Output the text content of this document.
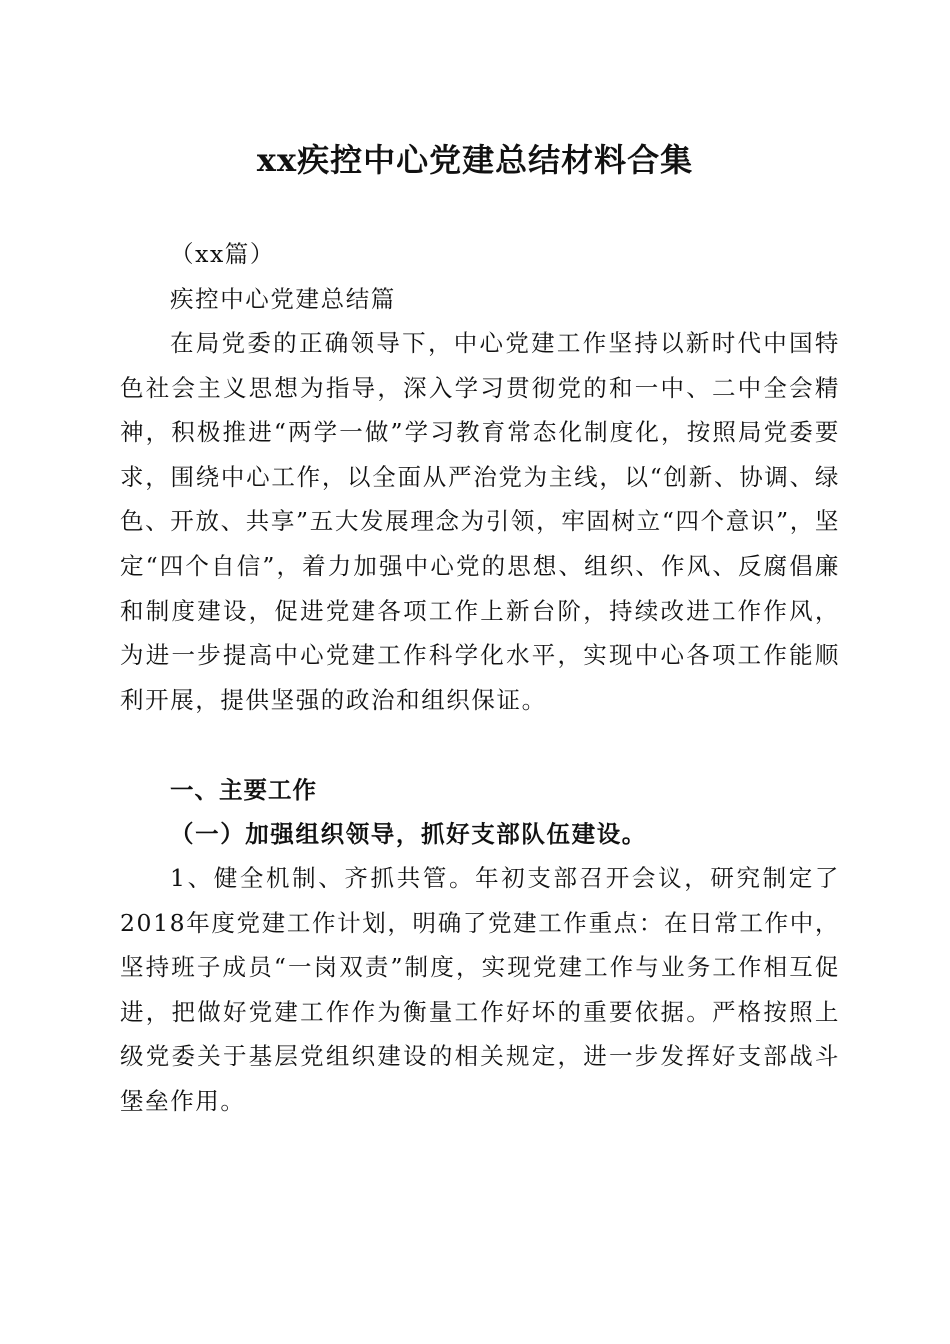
xx疾控中心党建总结材料合集

（xx篇）

疾控中心党建总结篇

在局党委的正确领导下，中心党建工作坚持以新时代中国特色社会主义思想为指导，深入学习贯彻党的和一中、二中全会精神，积极推进“两学一做”学习教育常态化制度化，按照局党委要求，围绕中心工作，以全面从严治党为主线，以“创新、协调、绿色、开放、共享”五大发展理念为引领，牢固树立“四个意识”，坚定“四个自信”，着力加强中心党的思想、组织、作风、反腐倡廉和制度建设，促进党建各项工作上新台阶，持续改进工作作风，为进一步提高中心党建工作科学化水平，实现中心各项工作能顺利开展，提供坚强的政治和组织保证。

一、主要工作

（一）加强组织领导，抓好支部队伍建设。

1、健全机制、齐抓共管。年初支部召开会议，研究制定了2018年度党建工作计划，明确了党建工作重点：在日常工作中，坚持班子成员“一岗双责”制度，实现党建工作与业务工作相互促进，把做好党建工作作为衡量工作好坏的重要依据。严格按照上级党委关于基层党组织建设的相关规定，进一步发挥好支部战斗堡垒作用。
